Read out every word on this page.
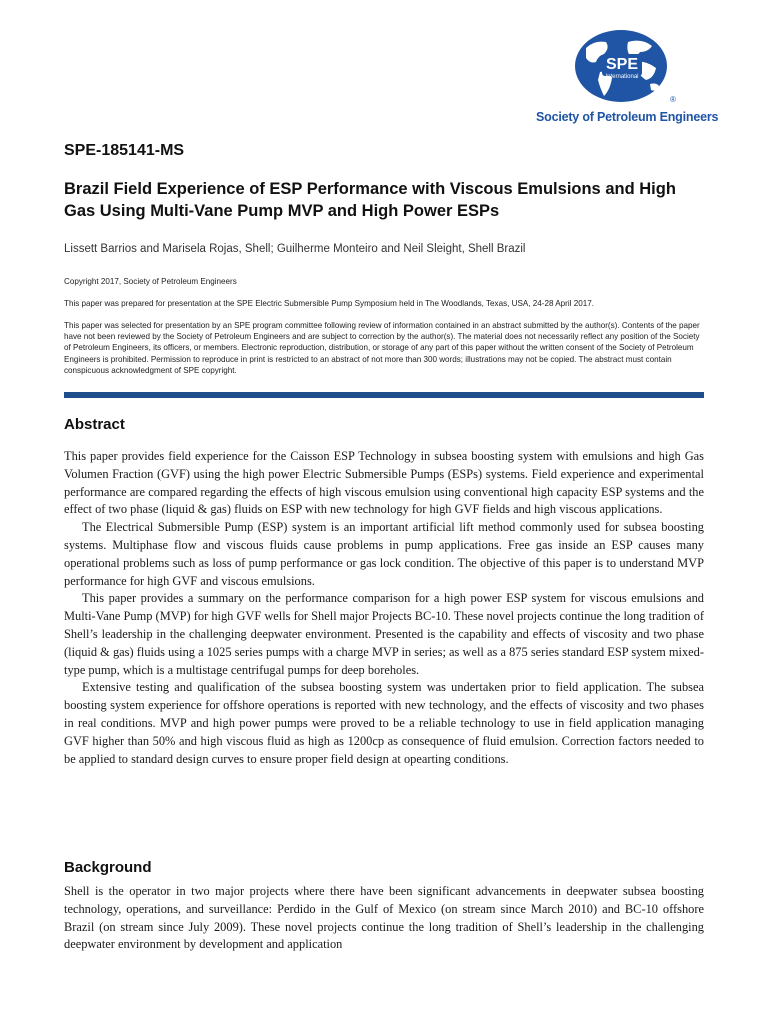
SPE
International
®
Society of Petroleum Engineers
SPE-185141-MS
Brazil Field Experience of ESP Performance with Viscous Emulsions and High Gas Using Multi-Vane Pump MVP and High Power ESPs
Lissett Barrios and Marisela Rojas, Shell; Guilherme Monteiro and Neil Sleight, Shell Brazil

Copyright 2017, Society of Petroleum Engineers

This paper was prepared for presentation at the SPE Electric Submersible Pump Symposium held in The Woodlands, Texas, USA, 24-28 April 2017.

This paper was selected for presentation by an SPE program committee following review of information contained in an abstract submitted by the author(s). Contents of the paper have not been reviewed by the Society of Petroleum Engineers and are subject to correction by the author(s). The material does not necessarily reflect any position of the Society of Petroleum Engineers, its officers, or members. Electronic reproduction, distribution, or storage of any part of this paper without the written consent of the Society of Petroleum Engineers is prohibited. Permission to reproduce in print is restricted to an abstract of not more than 300 words; illustrations may not be copied. The abstract must contain conspicuous acknowledgment of SPE copyright.

Abstract

This paper provides field experience for the Caisson ESP Technology in subsea boosting system with emulsions and high Gas Volumen Fraction (GVF) using the high power Electric Submersible Pumps (ESPs) systems. Field experience and experimental performance are compared regarding the effects of high viscous emulsion using conventional high capacity ESP systems and the effect of two phase (liquid & gas) fluids on ESP with new technology for high GVF fields and high viscous applications.

The Electrical Submersible Pump (ESP) system is an important artificial lift method commonly used for subsea boosting systems. Multiphase flow and viscous fluids cause problems in pump applications. Free gas inside an ESP causes many operational problems such as loss of pump performance or gas lock condition. The objective of this paper is to understand MVP performance for high GVF and viscous emulsions.

This paper provides a summary on the performance comparison for a high power ESP system for viscous emulsions and Multi-Vane Pump (MVP) for high GVF wells for Shell major Projects BC-10. These novel projects continue the long tradition of Shell’s leadership in the challenging deepwater environment. Presented is the capability and effects of viscosity and two phase (liquid & gas) fluids using a 1025 series pumps with a charge MVP in series; as well as a 875 series standard ESP system mixed-type pump, which is a multistage centrifugal pumps for deep boreholes.

Extensive testing and qualification of the subsea boosting system was undertaken prior to field application. The subsea boosting system experience for offshore operations is reported with new technology, and the effects of viscosity and two phases in real conditions. MVP and high power pumps were proved to be a reliable technology to use in field application managing GVF higher than 50% and high viscous fluid as high as 1200cp as consequence of fluid emulsion. Correction factors needed to be applied to standard design curves to ensure proper field design at opearting conditions.

Background

Shell is the operator in two major projects where there have been significant advancements in deepwater subsea boosting technology, operations, and surveillance: Perdido in the Gulf of Mexico (on stream since March 2010) and BC-10 offshore Brazil (on stream since July 2009). These novel projects continue the long tradition of Shell’s leadership in the challenging deepwater environment by development and application
